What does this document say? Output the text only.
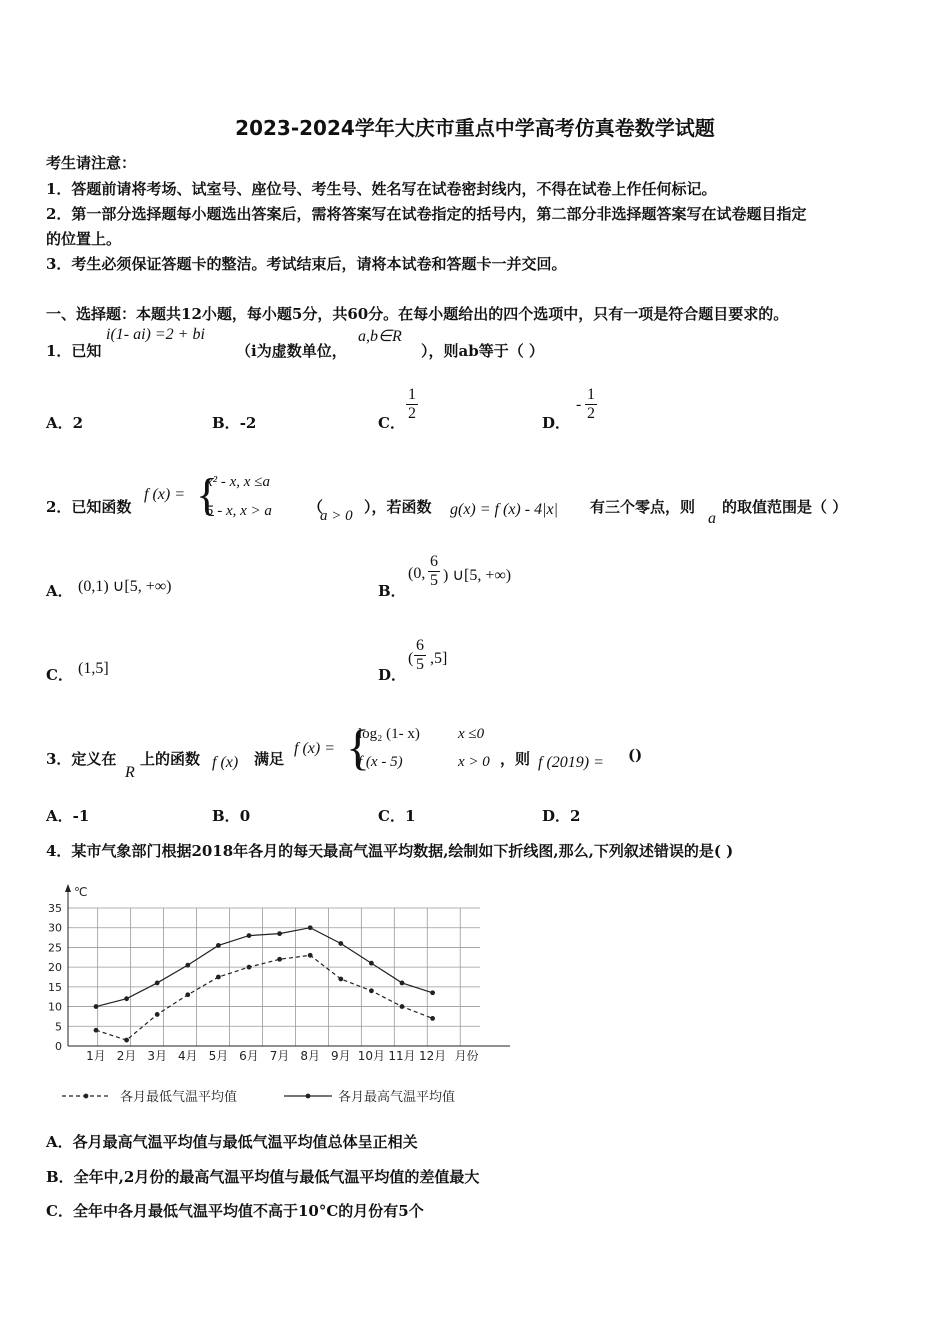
2023-2024学年大庆市重点中学高考仿真卷数学试题
考生请注意：
1．答题前请将考场、试室号、座位号、考生号、姓名写在试卷密封线内，不得在试卷上作任何标记。
2．第一部分选择题每小题选出答案后，需将答案写在试卷指定的括号内，第二部分非选择题答案写在试卷题目指定
的位置上。
3．考生必须保证答题卡的整洁。考试结束后，请将本试卷和答题卡一并交回。
一、选择题：本题共12小题，每小题5分，共60分。在每小题给出的四个选项中，只有一项是符合题目要求的。
1．已知
i(1- ai) =2 + bi
（i为虚数单位，
a,b∈R
），则ab等于（ ）
A．2	B．-2	C． $\frac{1}{2}$	D．
- $\frac{1}{2}$
2．已知函数
f (x) = {
x² - x, x ≤a
5 - x, x > a （
a > 0 ），若函数 g(x) = f (x) - 4|x| 有三个零点，则
a
的取值范围是（ ）
A． (0,1) ∪[5, +∞)	B．
(0, $\frac{6}{5}$ ) ∪[5, +∞)
C． (1,5]	D．
( $\frac{6}{5} ,5$]
3．定义在
R
上的函数 f (x) 满足
f (x) = {
log₂ (1- x)	x ≤0
f (x - 5)	x > 0 ，则 f (2019) = ()
A．-1	B．0	C．1	D．2
4．某市气象部门根据2018年各月的每天最高气温平均数据,绘制如下折线图,那么,下列叙述错误的是( )
℃
0
5
10
15
20
25
30
35
1月 2月 3月 4月 5月 6月 7月 8月 9月 10月 11月 12月 月份
各月最低气温平均值	各月最高气温平均值
A．各月最高气温平均值与最低气温平均值总体呈正相关
B．全年中,2月份的最高气温平均值与最低气温平均值的差值最大
C．全年中各月最低气温平均值不高于10°C的月份有5个
